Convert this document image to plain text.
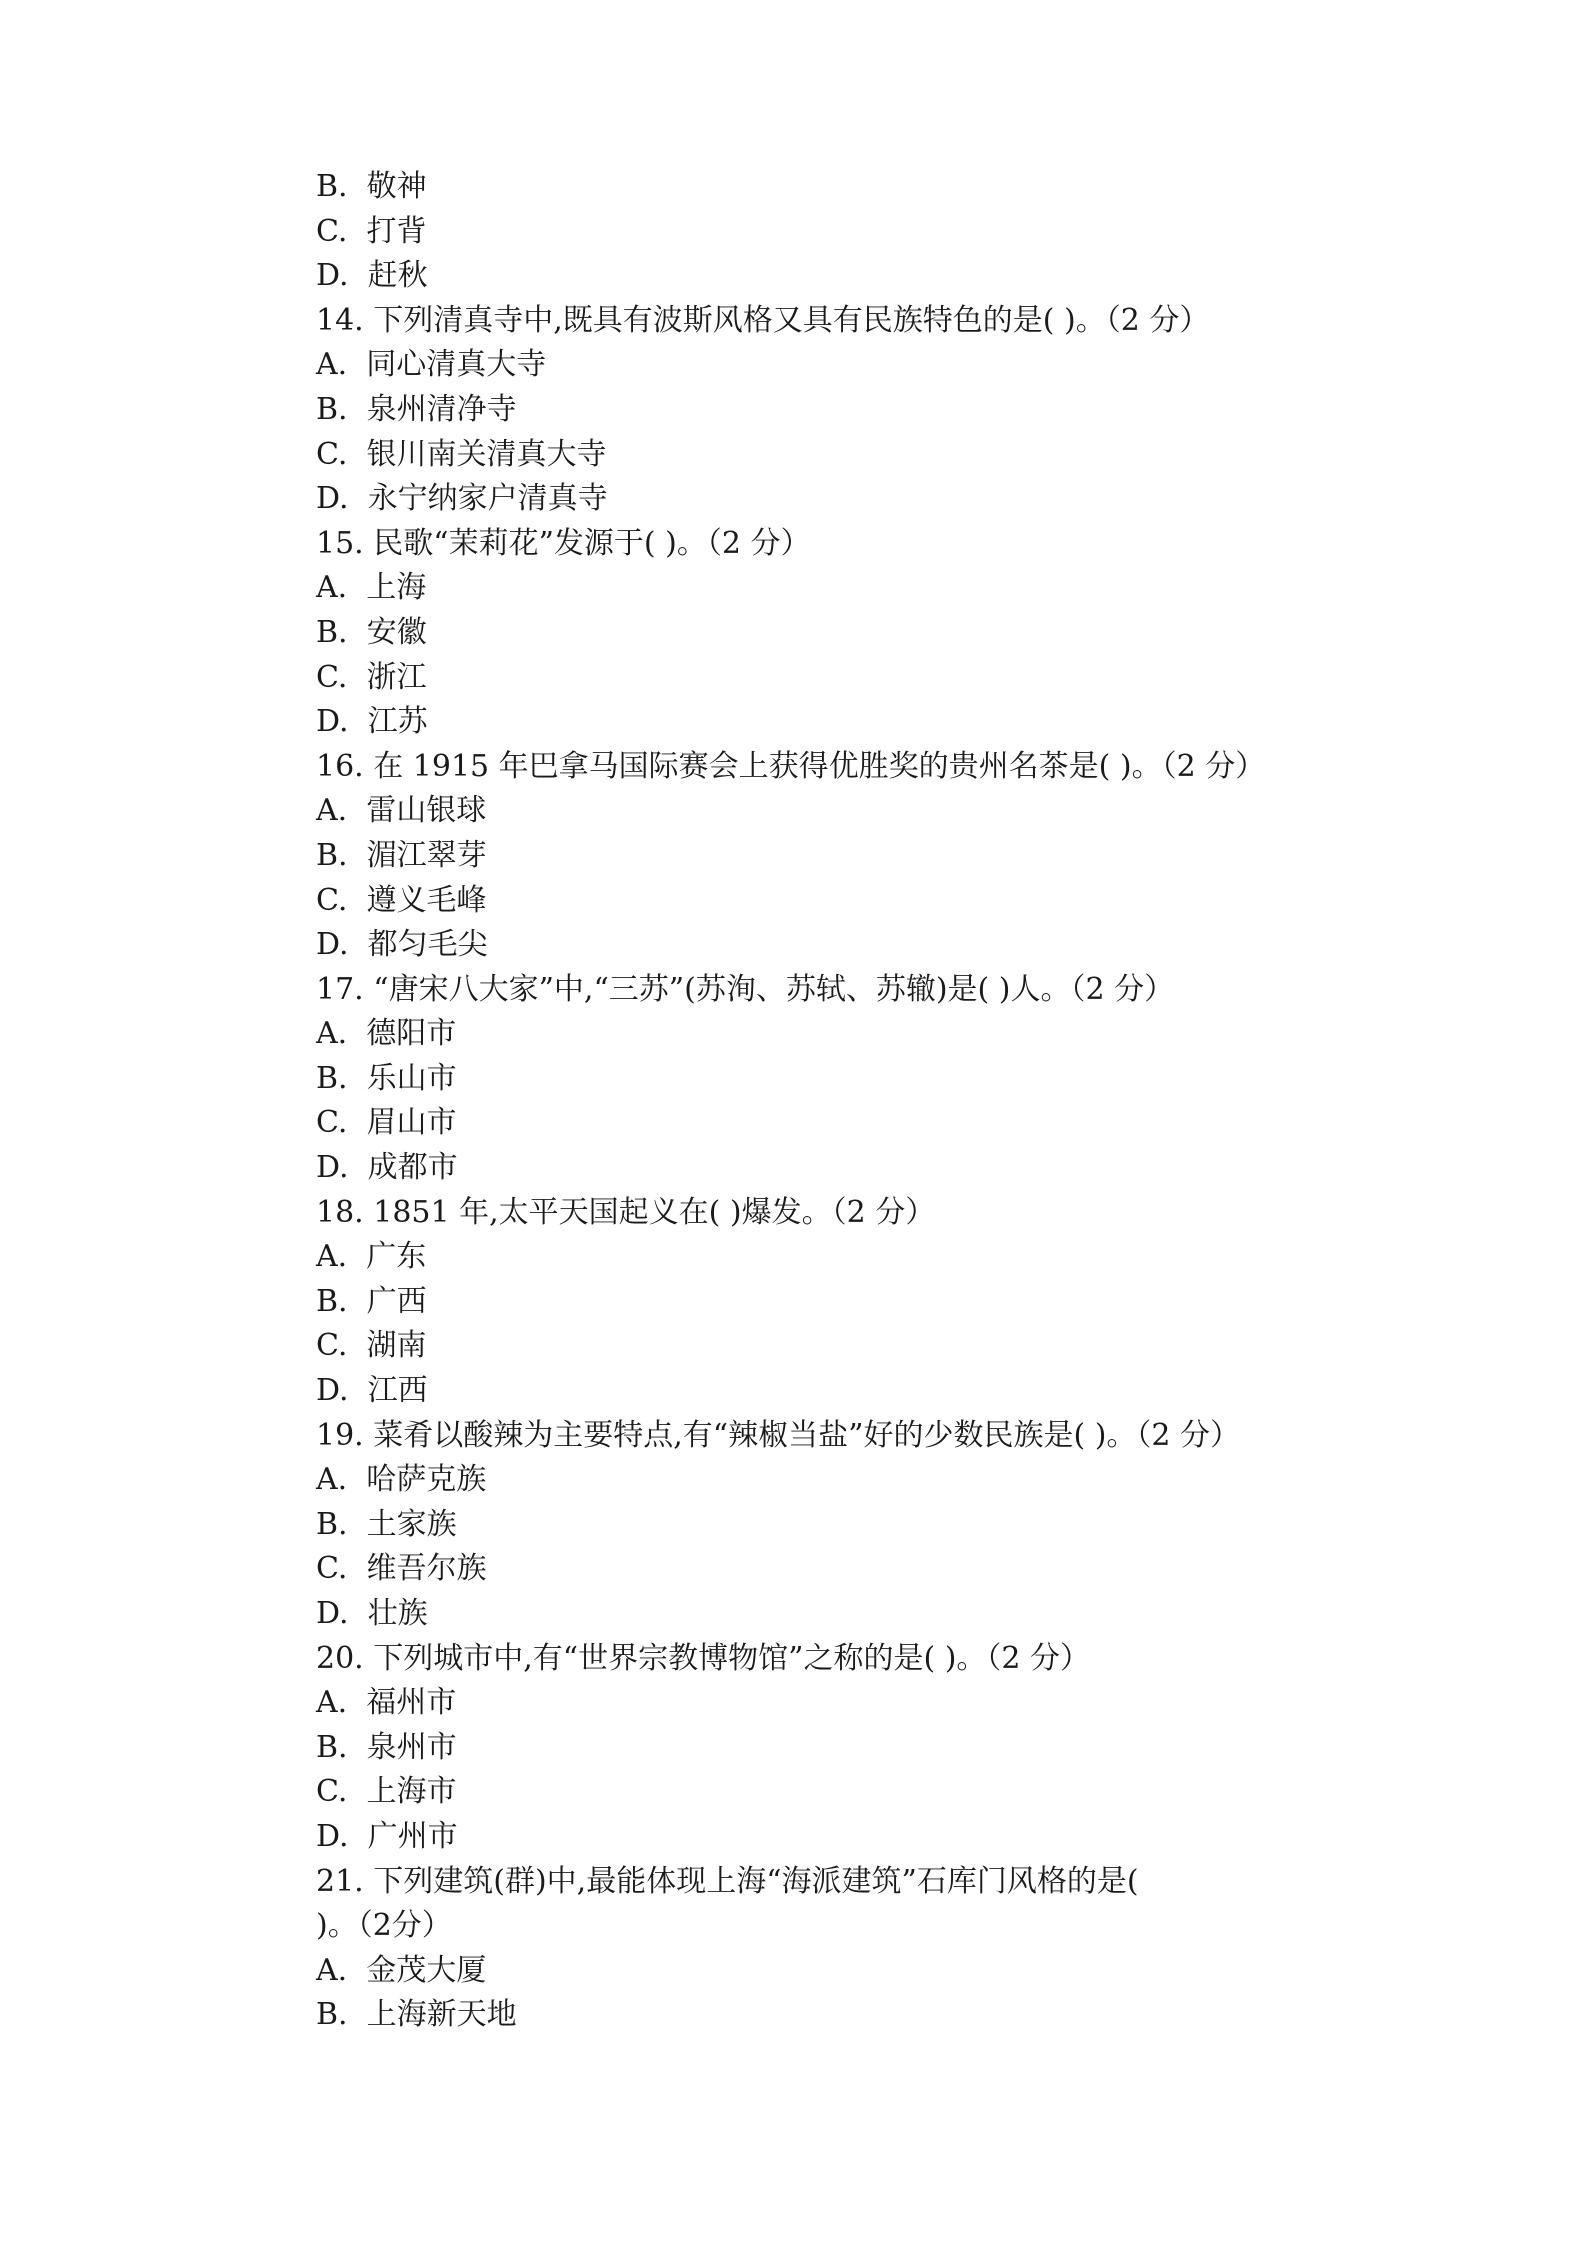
B.  敬神
C.  打背
D.  赶秋
14. 下列清真寺中,既具有波斯风格又具有民族特色的是( )。（2 分）
A.  同心清真大寺
B.  泉州清净寺
C.  银川南关清真大寺
D.  永宁纳家户清真寺
15. 民歌“茉莉花”发源于( )。（2 分）
A.  上海
B.  安徽
C.  浙江
D.  江苏
16. 在 1915 年巴拿马国际赛会上获得优胜奖的贵州名茶是( )。（2 分）
A.  雷山银球
B.  湄江翠芽
C.  遵义毛峰
D.  都匀毛尖
17. “唐宋八大家”中,“三苏”(苏洵、苏轼、苏辙)是( )人。（2 分）
A.  德阳市
B.  乐山市
C.  眉山市
D.  成都市
18. 1851 年,太平天国起义在( )爆发。（2 分）
A.  广东
B.  广西
C.  湖南
D.  江西
19. 菜肴以酸辣为主要特点,有“辣椒当盐”好的少数民族是( )。（2 分）
A.  哈萨克族
B.  土家族
C.  维吾尔族
D.  壮族
20. 下列城市中,有“世界宗教博物馆”之称的是( )。（2 分）
A.  福州市
B.  泉州市
C.  上海市
D.  广州市
21. 下列建筑(群)中,最能体现上海“海派建筑”石库门风格的是(
)。（2分）
A.  金茂大厦
B.  上海新天地
